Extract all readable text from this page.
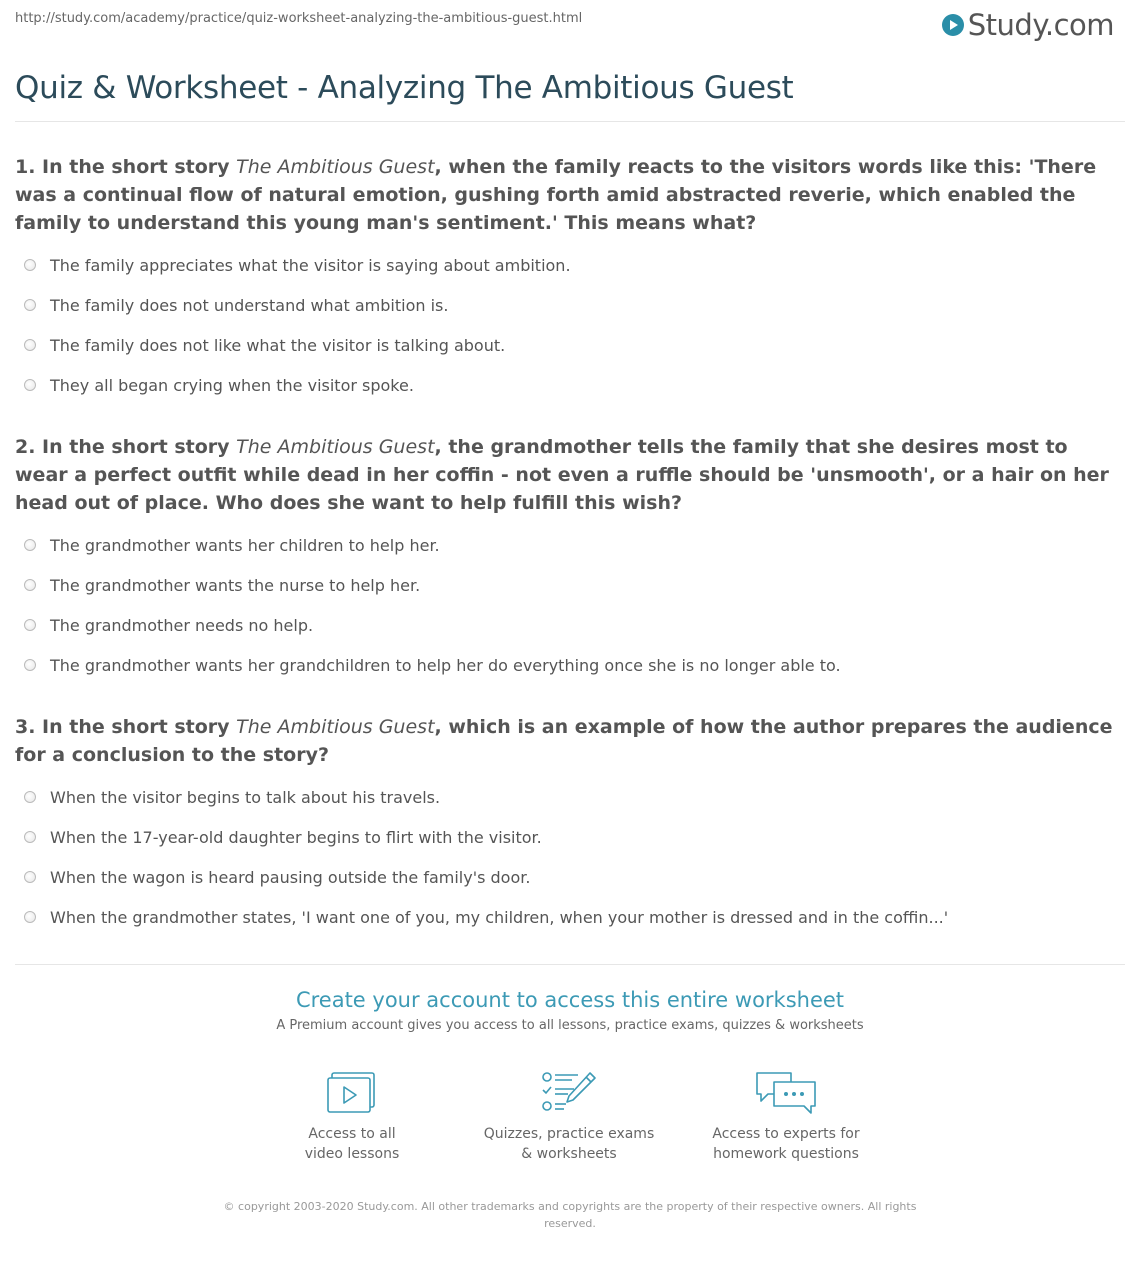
http://study.com/academy/practice/quiz-worksheet-analyzing-the-ambitious-guest.html	Study.com
Quiz & Worksheet - Analyzing The Ambitious Guest

1. In the short story The Ambitious Guest, when the family reacts to the visitors words like this: 'There was a continual flow of natural emotion, gushing forth amid abstracted reverie, which enabled the family to understand this young man's sentiment.' This means what?

The family appreciates what the visitor is saying about ambition.
The family does not understand what ambition is.
The family does not like what the visitor is talking about.
They all began crying when the visitor spoke.

2. In the short story The Ambitious Guest, the grandmother tells the family that she desires most to wear a perfect outfit while dead in her coffin - not even a ruffle should be 'unsmooth', or a hair on her head out of place. Who does she want to help fulfill this wish?

The grandmother wants her children to help her.
The grandmother wants the nurse to help her.
The grandmother needs no help.
The grandmother wants her grandchildren to help her do everything once she is no longer able to.

3. In the short story The Ambitious Guest, which is an example of how the author prepares the audience for a conclusion to the story?

When the visitor begins to talk about his travels.
When the 17-year-old daughter begins to flirt with the visitor.
When the wagon is heard pausing outside the family's door.
When the grandmother states, 'I want one of you, my children, when your mother is dressed and in the coffin...'
Create your account to access this entire worksheet
A Premium account gives you access to all lessons, practice exams, quizzes & worksheets
Access to all
video lessons
Quizzes, practice exams
& worksheets
Access to experts for
homework questions
© copyright 2003-2020 Study.com. All other trademarks and copyrights are the property of their respective owners. All rights reserved.
